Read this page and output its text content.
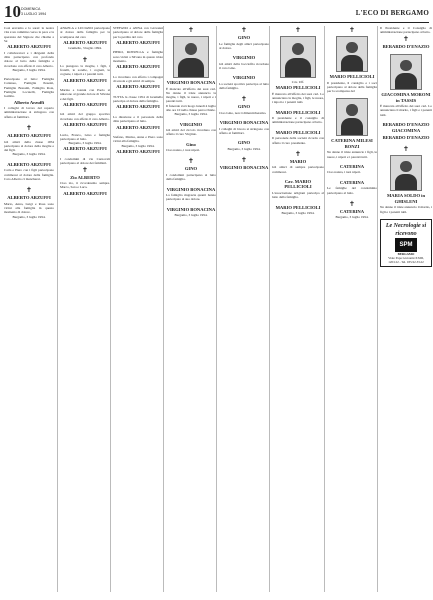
10 DOMENICA
3 LUGLIO 1994	L'ECO DI BERGAMO
Così eravamo e lo sarai: la nostra vita è un cammino verso la pace e la speranza del Signore che chiama a Sé
ALBERTO ARZUFFI
I collaboratori e i dirigenti della ditta partecipano con profondo dolore al lutto della famiglia e ricordano con affetto il caro Alberto.
Bergamo, 3 luglio 1994.
Partecipano al lutto: Famiglia Cattaneo, Famiglia Pesenti, Famiglia Bonomi, Famiglia Rota, Famiglia Locatelli, Famiglia Gamba.
Alberto Arzuffi
I colleghi di lavoro del reparto amministrazione si stringono con affetto ai familiari.
✝
ALBERTO ARZUFFI
Gli amici della classe 1954 partecipano al dolore della moglie e dei figli.
Bergamo, 3 luglio 1994.
ALBERTO ARZUFFI
Carla e Piero con i figli partecipano commossi al dolore della famiglia. Caro Alberto ci mancherai.
✝
ALBERTO ARZUFFI
Mario, Anna, Luigi e Rosa sono vicini alla famiglia in questo momento di dolore.
Bergamo, 3 luglio 1994.
ANGELA e LUCIANO partecipano al dolore della famiglia per la scomparsa del caro
ALBERTO ARZUFFI
Grumello, 3 luglio 1994.
✝
Lo piangono la moglie, i figli, i fratelli, le sorelle, i cognati, le cognate, i nipoti e i parenti tutti.
ALBERTO ARZUFFI
Marina e Gianni con Paolo si uniscono al grande dolore di Silvana e dei figli.
ALBERTO ARZUFFI
Gli amici del gruppo sportivo ricordano con affetto il caro Alberto.
ALBERTO ARZUFFI
Lucia, Franco, Gino e famiglie partecipano al lutto.
Bergamo, 3 luglio 1994.
ALBERTO ARZUFFI
I condomini di via Carnovali partecipano al dolore dei familiari.
✝
Zio ALBERTO
Ciao zio, ti ricorderemo sempre. Marco, Sara e Luca.
ALBERTO ARZUFFI
STEFANO e ANNA con Giovanni partecipano al dolore della famiglia per la perdita del caro
ALBERTO ARZUFFI
PIERO, ROSSELLA e famiglie sono vicini a Silvana in questo triste momento.
ALBERTO ARZUFFI
Lo ricordano con affetto i compagni di scuola e gli amici di sempre.
ALBERTO ARZUFFI
TUTTA la classe 1954 di Grumello partecipa al dolore della famiglia.
ALBERTO ARZUFFI
La direzione e il personale della ditta partecipano al lutto.
ALBERTO ARZUFFI
Stefano, Marisa, Anna e Piero sono vicini alla famiglia.
Bergamo, 3 luglio 1994.
ALBERTO ARZUFFI
✝
VIRGINIO BONACINA
È mancato all'affetto dei suoi cari. Ne danno il triste annuncio la moglie, i figli, le nuore, i nipoti e i parenti tutti.
Il funerale avrà luogo lunedì 4 luglio alle ore 10 nella chiesa parrocchiale.
Bergamo, 3 luglio 1994.
VIRGINIO
Gli amici del circolo ricordano con affetto il caro Virginio.
Gino
Ciao nonno, i tuoi nipoti.
✝
GINO
I condomini partecipano al lutto della famiglia.
VIRGINIO BONACINA
La famiglia ringrazia quanti hanno partecipato al suo dolore.
VIRGINIO BONACINA
Bergamo, 3 luglio 1994.
✝
GINO
Le famiglie degli amici partecipano al dolore.
VIRGINIO
Gli amici della bocciofila ricordano il caro Gino.
VIRGINIO
La società sportiva partecipa al lutto della famiglia.
✝
GINO
Ciao Gino, non ti dimenticheremo.
VIRGINIO BONACINA
I colleghi di lavoro si stringono con affetto ai familiari.
GINO
Bergamo, 3 luglio 1994.
✝
VIRGINIO BONACINA
✝
Cav. Uff.
MARIO PELLICIOLI
È mancato all'affetto dei suoi cari. Lo annunciano la moglie, i figli, le nuore, i nipoti e i parenti tutti.
MARIO PELLICIOLI
Il presidente e il consiglio di amministrazione partecipano al lutto.
MARIO PELLICIOLI
Il personale della società ricorda con affetto il caro presidente.
✝
MARIO
Gli amici di sempre partecipano commossi.
Cav. MARIO PELLICIOLI
L'associazione artigiani partecipa al lutto della famiglia.
MARIO PELLICIOLI
Bergamo, 3 luglio 1994.
✝
MARIO PELLICIOLI
Il presidente, il consiglio e i soci partecipano al dolore della famiglia per la scomparsa del
CATERINA MILESI BONZI
Ne danno il triste annuncio i figli, le nuore, i nipoti e i parenti tutti.
CATERINA
Ciao nonna, i tuoi nipoti.
CATERINA
Le famiglie del condominio partecipano al lutto.
✝
CATERINA
Bergamo, 3 luglio 1994.
Il Presidente e il Consiglio di amministrazione partecipano al lutto.
✝
BERARDO D'ENAZIO
GIACOMINA MORONI in TASSIS
È mancata all'affetto dei suoi cari. Lo annunciano il marito, i figli e i parenti tutti.
BERARDO D'ENAZIO
GIACOMINA
BERARDO D'ENAZIO
✝
MARIA SOLDO in GHISLENI
Ne danno il triste annuncio il marito, i figli e i parenti tutti.
Le Necrologie si ricevono
SPM
BERGAMO
Viale Papa Giovanni XXIII, 120/122 - Tel. 035/22.33.22
